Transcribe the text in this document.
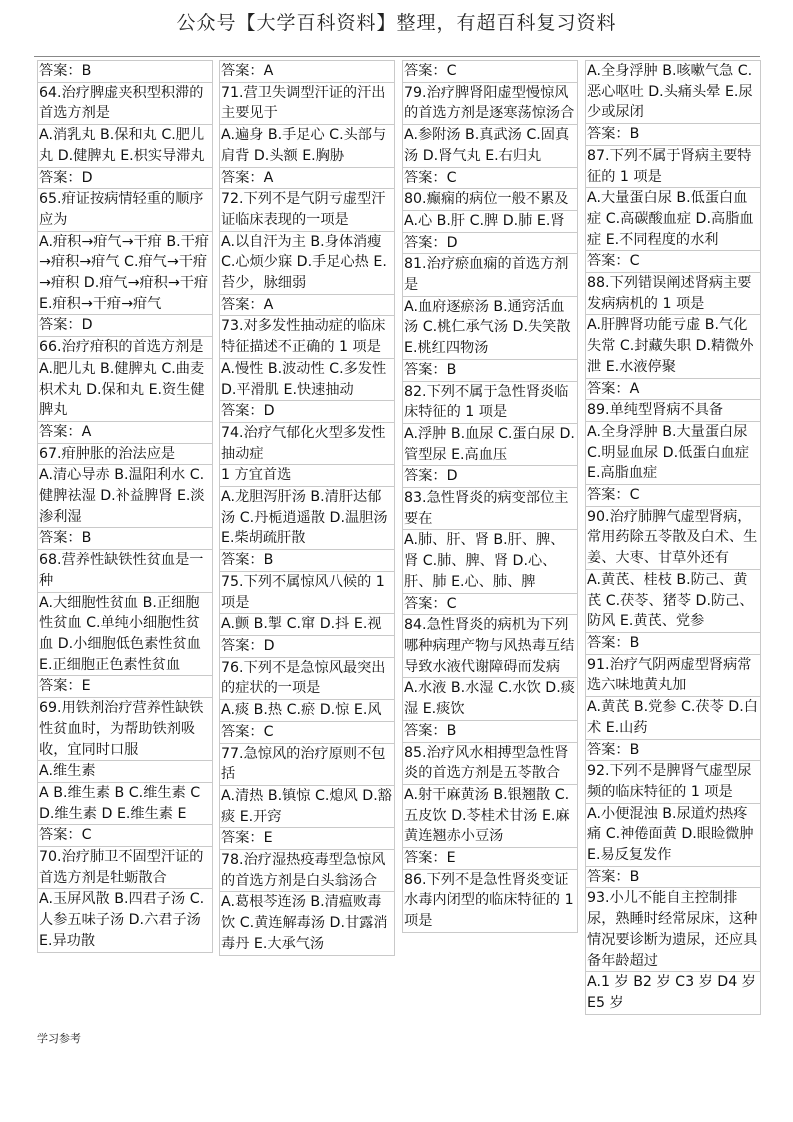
公众号【大学百科资料】整理，有超百科复习资料
答案：B
64.治疗脾虚夹积型积滞的首选方剂是
A.消乳丸 B.保和丸 C.肥儿丸 D.健脾丸 E.枳实导滞丸
答案：D
65.疳证按病情轻重的顺序应为
A.疳积→疳气→干疳 B.干疳→疳积→疳气 C.疳气→干疳→疳积 D.疳气→疳积→干疳 E.疳积→干疳→疳气
答案：D
66.治疗疳积的首选方剂是
A.肥儿丸 B.健脾丸 C.曲麦枳术丸 D.保和丸 E.资生健脾丸
答案：A
67.疳肿胀的治法应是
A.清心导赤 B.温阳利水 C.健脾祛湿 D.补益脾肾 E.淡渗利湿
答案：B
68.营养性缺铁性贫血是一种
A.大细胞性贫血 B.正细胞性贫血 C.单纯小细胞性贫血 D.小细胞低色素性贫血 E.正细胞正色素性贫血
答案：E
69.用铁剂治疗营养性缺铁性贫血时，为帮助铁剂吸收，宜同时口服
A.维生素
A B.维生素 B C.维生素 C D.维生素 D E.维生素 E
答案：C
70.治疗肺卫不固型汗证的首选方剂是牡蛎散合
A.玉屏风散 B.四君子汤 C.人参五味子汤 D.六君子汤 E.异功散
答案：A
71.营卫失调型汗证的汗出主要见于
A.遍身 B.手足心 C.头部与肩背 D.头额 E.胸胁
答案：A
72.下列不是气阴亏虚型汗证临床表现的一项是
A.以自汗为主 B.身体消瘦 C.心烦少寐 D.手足心热 E.苔少，脉细弱
答案：A
73.对多发性抽动症的临床特征描述不正确的 1 项是
A.慢性 B.波动性 C.多发性 D.平滑肌 E.快速抽动
答案：D
74.治疗气郁化火型多发性抽动症
1 方宜首选
A.龙胆泻肝汤 B.清肝达郁汤 C.丹栀逍遥散 D.温胆汤 E.柴胡疏肝散
答案：B
75.下列不属惊风八候的 1 项是
A.颤 B.掣 C.窜 D.抖 E.视
答案：D
76.下列不是急惊风最突出的症状的一项是
A.痰 B.热 C.瘀 D.惊 E.风
答案：C
77.急惊风的治疗原则不包括
A.清热 B.镇惊 C.熄风 D.豁痰 E.开窍
答案：E
78.治疗湿热疫毒型急惊风的首选方剂是白头翁汤合
A.葛根芩连汤 B.清瘟败毒饮 C.黄连解毒汤 D.甘露消毒丹 E.大承气汤
答案：C
79.治疗脾肾阳虚型慢惊风的首选方剂是逐寒荡惊汤合
A.参附汤 B.真武汤 C.固真汤 D.肾气丸 E.右归丸
答案：C
80.癫痫的病位一般不累及
A.心 B.肝 C.脾 D.肺 E.肾
答案：D
81.治疗瘀血痫的首选方剂是
A.血府逐瘀汤 B.通窍活血汤 C.桃仁承气汤 D.失笑散 E.桃红四物汤
答案：B
82.下列不属于急性肾炎临床特征的 1 项是
A.浮肿 B.血尿 C.蛋白尿 D.管型尿 E.高血压
答案：D
83.急性肾炎的病变部位主要在
A.肺、肝、肾 B.肝、脾、肾 C.肺、脾、肾 D.心、肝、肺 E.心、肺、脾
答案：C
84.急性肾炎的病机为下列哪种病理产物与风热毒互结导致水液代谢障碍而发病
A.水液 B.水湿 C.水饮 D.痰湿 E.痰饮
答案：B
85.治疗风水相搏型急性肾炎的首选方剂是五苓散合
A.射干麻黄汤 B.银翘散 C.五皮饮 D.苓桂术甘汤 E.麻黄连翘赤小豆汤
答案：E
86.下列不是急性肾炎变证水毒内闭型的临床特征的 1 项是
A.全身浮肿 B.咳嗽气急 C.恶心呕吐 D.头痛头晕 E.尿少或尿闭
答案：B
87.下列不属于肾病主要特征的 1 项是
A.大量蛋白尿 B.低蛋白血症 C.高碳酸血症 D.高脂血症 E.不同程度的水利
答案：C
88.下列错误阐述肾病主要发病病机的 1 项是
A.肝脾肾功能亏虚 B.气化失常 C.封藏失职 D.精微外泄 E.水液停聚
答案：A
89.单纯型肾病不具备
A.全身浮肿 B.大量蛋白尿 C.明显血尿 D.低蛋白血症 E.高脂血症
答案：C
90.治疗肺脾气虚型肾病，常用药除五苓散及白术、生姜、大枣、甘草外还有
A.黄芪、桂枝 B.防己、黄芪 C.茯苓、猪苓 D.防己、防风 E.黄芪、党参
答案：B
91.治疗气阴两虚型肾病常选六味地黄丸加
A.黄芪 B.党参 C.茯苓 D.白术 E.山药
答案：B
92.下列不是脾肾气虚型尿频的临床特征的 1 项是
A.小便混浊 B.尿道灼热疼痛 C.神倦面黄 D.眼睑微肿 E.易反复发作
答案：B
93.小儿不能自主控制排尿，熟睡时经常尿床，这种情况要诊断为遗尿，还应具备年龄超过
A.1 岁 B2 岁 C3 岁 D4 岁 E5 岁
学习参考
